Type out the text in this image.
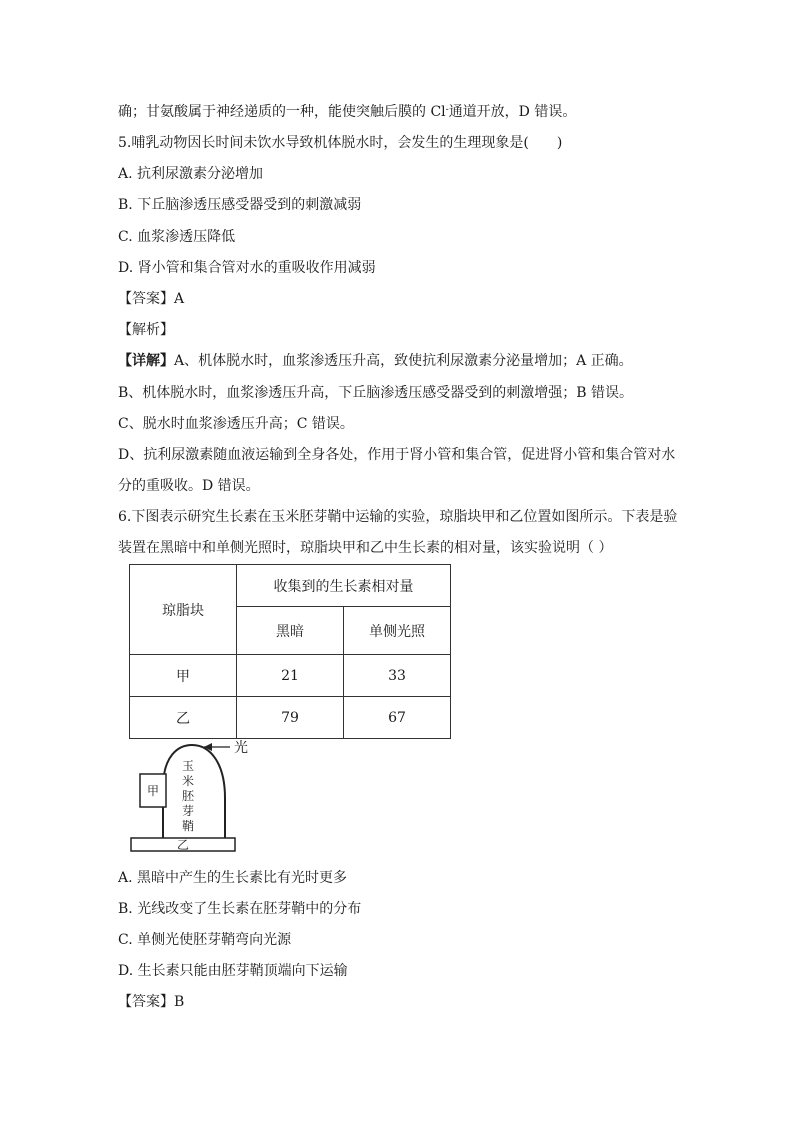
确；甘氨酸属于神经递质的一种，能使突触后膜的 Cl-通道开放，D 错误。
5.哺乳动物因长时间未饮水导致机体脱水时，会发生的生理现象是(　　)
A. 抗利尿激素分泌增加
B. 下丘脑渗透压感受器受到的刺激减弱
C. 血浆渗透压降低
D. 肾小管和集合管对水的重吸收作用减弱
【答案】A
【解析】
【详解】A、机体脱水时，血浆渗透压升高，致使抗利尿激素分泌量增加；A 正确。
B、机体脱水时，血浆渗透压升高，下丘脑渗透压感受器受到的刺激增强；B 错误。
C、脱水时血浆渗透压升高；C 错误。
D、抗利尿激素随血液运输到全身各处，作用于肾小管和集合管，促进肾小管和集合管对水
分的重吸收。D 错误。
6.下图表示研究生长素在玉米胚芽鞘中运输的实验，琼脂块甲和乙位置如图所示。下表是验
装置在黑暗中和单侧光照时，琼脂块甲和乙中生长素的相对量，该实验说明（ ）
琼脂块	收集到的生长素相对量	
	黑暗	单侧光照
甲	21	33
乙	79	67
乙
光
甲
玉
米
胚
芽
鞘
A. 黑暗中产生的生长素比有光时更多
B. 光线改变了生长素在胚芽鞘中的分布
C. 单侧光使胚芽鞘弯向光源
D. 生长素只能由胚芽鞘顶端向下运输
【答案】B
